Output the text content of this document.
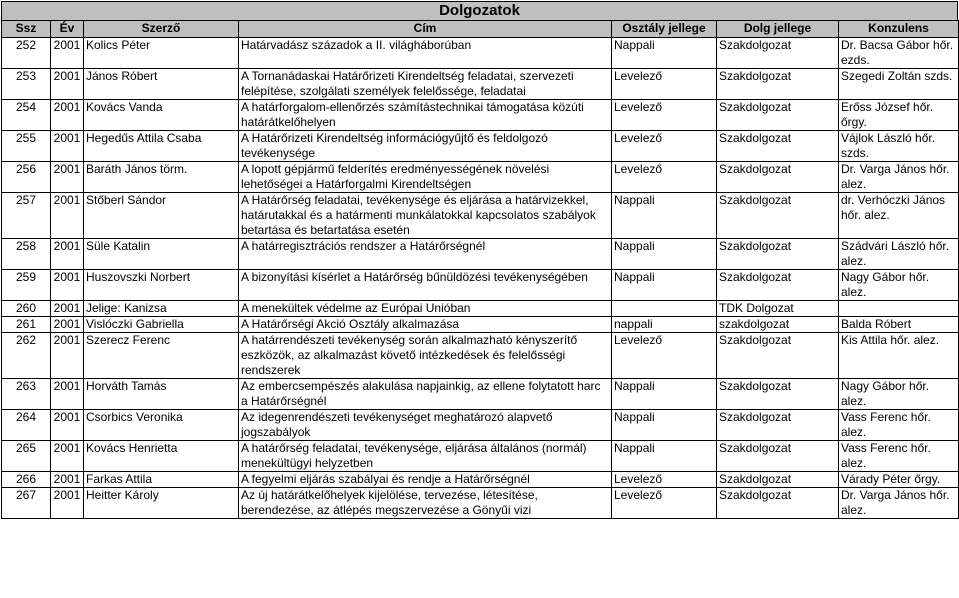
Dolgozatok
Ssz	Év	Szerző	Cím	Osztály jellege	Dolg jellege	Konzulens
252	2001	Kolics Péter	Határvadász századok a II. világháborúban	Nappali	Szakdolgozat	Dr. Bacsa Gábor hőr. ezds.
253	2001	János Róbert	A Tornanádaskai Határőrizeti Kirendeltség feladatai, szervezeti felépítése, szolgálati személyek felelőssége, feladatai	Levelező	Szakdolgozat	Szegedi Zoltán szds.
254	2001	Kovács Vanda	A határforgalom-ellenőrzés számítástechnikai támogatása közúti határátkelőhelyen	Levelező	Szakdolgozat	Erőss József hőr. őrgy.
255	2001	Hegedűs Attila Csaba	A Határőrizeti Kirendeltség információgyűjtő és feldolgozó tevékenysége	Levelező	Szakdolgozat	Vájlok László hőr. szds.
256	2001	Baráth János törm.	A lopott gépjármű felderítés eredményességének növelési lehetőségei a Határforgalmi Kirendeltségen	Levelező	Szakdolgozat	Dr. Varga János hőr. alez.
257	2001	Stőberl Sándor	A Határőrség feladatai, tevékenysége és eljárása a határvizekkel, határutakkal és a határmenti munkálatokkal kapcsolatos szabályok betartása és betartatása esetén	Nappali	Szakdolgozat	dr. Verhóczki János hőr. alez.
258	2001	Süle Katalin	A határregisztrációs rendszer a Határőrségnél	Nappali	Szakdolgozat	Szádvári László hőr. alez.
259	2001	Huszovszki Norbert	A bizonyítási kísérlet a Határőrség bűnüldözési tevékenységében	Nappali	Szakdolgozat	Nagy Gábor hőr. alez.
260	2001	Jelige: Kanizsa	A menekültek védelme az Európai Unióban		TDK Dolgozat	
261	2001	Vislóczki Gabriella	A Határőrségi Akció Osztály alkalmazása	nappali	szakdolgozat	Balda Róbert
262	2001	Szerecz Ferenc	A határrendészeti tevékenység során alkalmazható kényszerítő eszközök, az alkalmazást követő intézkedések és felelősségi rendszerek	Levelező	Szakdolgozat	Kis Attila hőr. alez.
263	2001	Horváth Tamás	Az embercsempészés alakulása napjainkig, az ellene folytatott harc a Határőrségnél	Nappali	Szakdolgozat	Nagy Gábor hőr. alez.
264	2001	Csorbics Veronika	Az idegenrendészeti tevékenységet meghatározó alapvető jogszabályok	Nappali	Szakdolgozat	Vass Ferenc hőr. alez.
265	2001	Kovács Henrietta	A határőrség feladatai, tevékenysége, eljárása általános (normál) menekültügyi helyzetben	Nappali	Szakdolgozat	Vass Ferenc hőr. alez.
266	2001	Farkas Attila	A fegyelmi eljárás szabályai és rendje a Határőrségnél	Levelező	Szakdolgozat	Várady Péter őrgy.
267	2001	Heitter Károly	Az új határátkelőhelyek kijelölése, tervezése, létesítése, berendezése, az átlépés megszervezése a Gönyűi vizi	Levelező	Szakdolgozat	Dr. Varga János hőr. alez.
